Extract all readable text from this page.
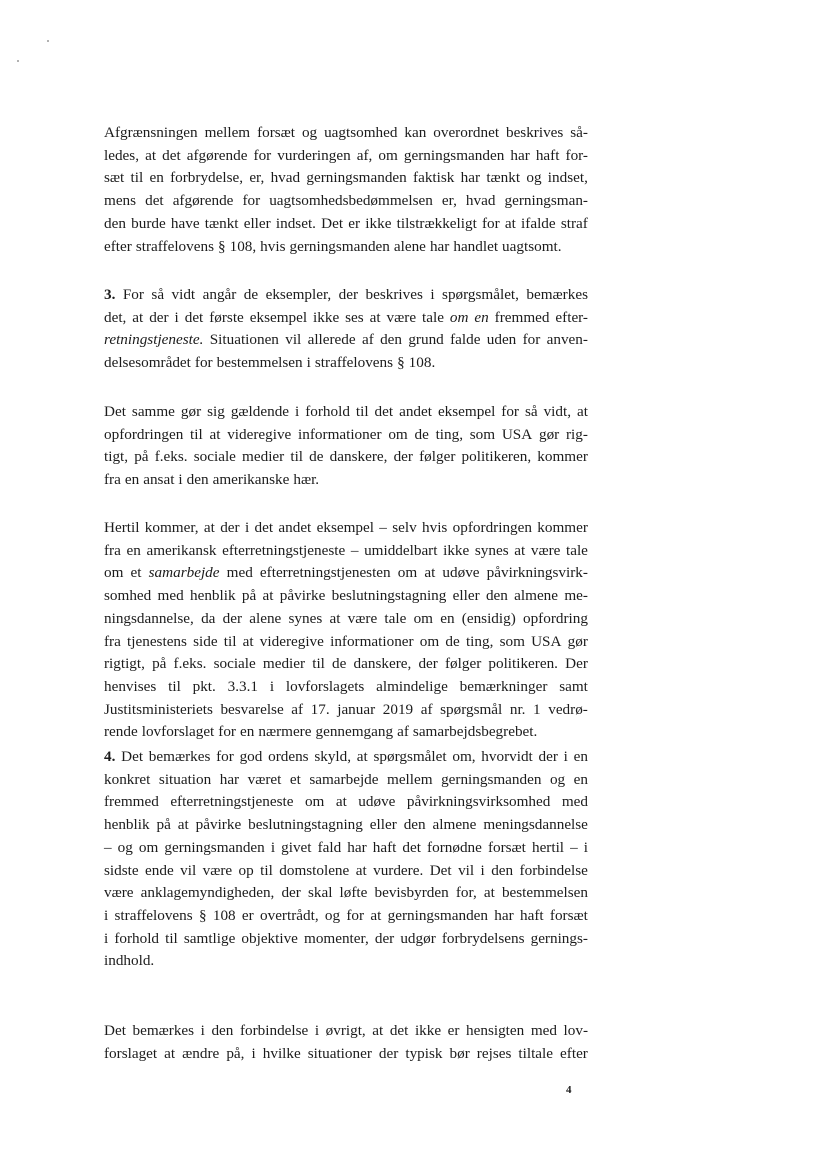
Afgrænsningen mellem forsæt og uagtsomhed kan overordnet beskrives så-
ledes, at det afgørende for vurderingen af, om gerningsmanden har haft for-
sæt til en forbrydelse, er, hvad gerningsmanden faktisk har tænkt og indset,
mens det afgørende for uagtsomhedsbedømmelsen er, hvad gerningsman-
den burde have tænkt eller indset. Det er ikke tilstrækkeligt for at ifalde straf
efter straffelovens § 108, hvis gerningsmanden alene har handlet uagtsomt.
3. For så vidt angår de eksempler, der beskrives i spørgsmålet, bemærkes
det, at der i det første eksempel ikke ses at være tale om en fremmed efter-
retningstjeneste. Situationen vil allerede af den grund falde uden for anven-
delsesområdet for bestemmelsen i straffelovens § 108.
Det samme gør sig gældende i forhold til det andet eksempel for så vidt, at
opfordringen til at videregive informationer om de ting, som USA gør rig-
tigt, på f.eks. sociale medier til de danskere, der følger politikeren, kommer
fra en ansat i den amerikanske hær.
Hertil kommer, at der i det andet eksempel – selv hvis opfordringen kommer
fra en amerikansk efterretningstjeneste – umiddelbart ikke synes at være tale
om et samarbejde med efterretningstjenesten om at udøve påvirkningsvirk-
somhed med henblik på at påvirke beslutningstagning eller den almene me-
ningsdannelse, da der alene synes at være tale om en (ensidig) opfordring
fra tjenestens side til at videregive informationer om de ting, som USA gør
rigtigt, på f.eks. sociale medier til de danskere, der følger politikeren. Der
henvises til pkt. 3.3.1 i lovforslagets almindelige bemærkninger samt
Justitsministeriets besvarelse af 17. januar 2019 af spørgsmål nr. 1 vedrø-
rende lovforslaget for en nærmere gennemgang af samarbejdsbegrebet.
4. Det bemærkes for god ordens skyld, at spørgsmålet om, hvorvidt der i en
konkret situation har været et samarbejde mellem gerningsmanden og en
fremmed efterretningstjeneste om at udøve påvirkningsvirksomhed med
henblik på at påvirke beslutningstagning eller den almene meningsdannelse
– og om gerningsmanden i givet fald har haft det fornødne forsæt hertil – i
sidste ende vil være op til domstolene at vurdere. Det vil i den forbindelse
være anklagemyndigheden, der skal løfte bevisbyrden for, at bestemmelsen
i straffelovens § 108 er overtrådt, og for at gerningsmanden har haft forsæt
i forhold til samtlige objektive momenter, der udgør forbrydelsens gernings-
indhold.
Det bemærkes i den forbindelse i øvrigt, at det ikke er hensigten med lov-
forslaget at ændre på, i hvilke situationer der typisk bør rejses tiltale efter
4
